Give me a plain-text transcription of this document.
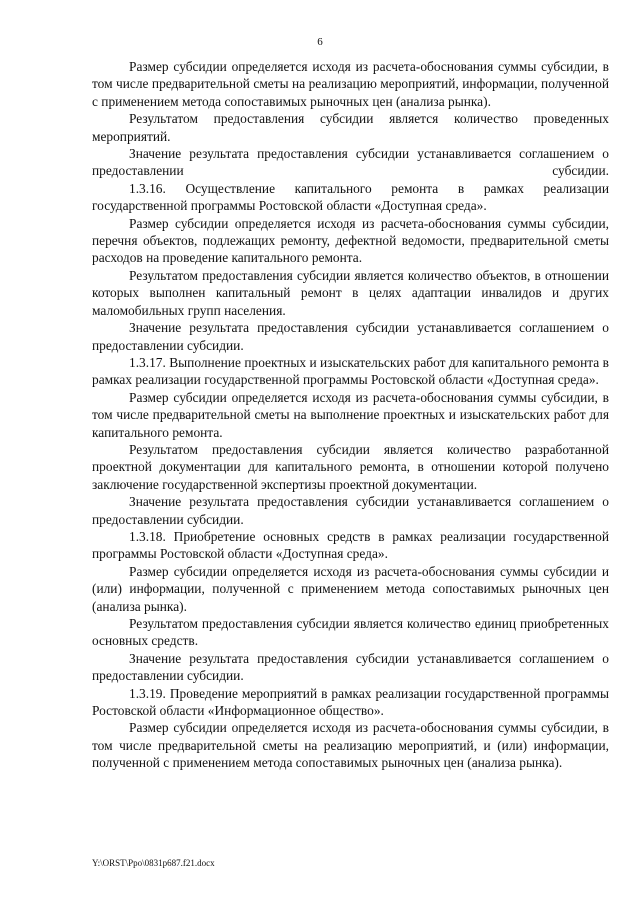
6

Размер субсидии определяется исходя из расчета-обоснования суммы субсидии, в том числе предварительной сметы на реализацию мероприятий, информации, полученной с применением метода сопоставимых рыночных цен (анализа рынка).

Результатом предоставления субсидии является количество проведенных мероприятий.

Значение результата предоставления субсидии устанавливается соглашением о предоставлении субсидии.

1.3.16. Осуществление капитального ремонта в рамках реализации государственной программы Ростовской области «Доступная среда».

Размер субсидии определяется исходя из расчета-обоснования суммы субсидии, перечня объектов, подлежащих ремонту, дефектной ведомости, предварительной сметы расходов на проведение капитального ремонта.

Результатом предоставления субсидии является количество объектов, в отношении которых выполнен капитальный ремонт в целях адаптации инвалидов и других маломобильных групп населения.

Значение результата предоставления субсидии устанавливается соглашением о предоставлении субсидии.

1.3.17. Выполнение проектных и изыскательских работ для капитального ремонта в рамках реализации государственной программы Ростовской области «Доступная среда».

Размер субсидии определяется исходя из расчета-обоснования суммы субсидии, в том числе предварительной сметы на выполнение проектных и изыскательских работ для капитального ремонта.

Результатом предоставления субсидии является количество разработанной проектной документации для капитального ремонта, в отношении которой получено заключение государственной экспертизы проектной документации.

Значение результата предоставления субсидии устанавливается соглашением о предоставлении субсидии.

1.3.18. Приобретение основных средств в рамках реализации государственной программы Ростовской области «Доступная среда».

Размер субсидии определяется исходя из расчета-обоснования суммы субсидии и (или) информации, полученной с применением метода сопоставимых рыночных цен (анализа рынка).

Результатом предоставления субсидии является количество единиц приобретенных основных средств.

Значение результата предоставления субсидии устанавливается соглашением о предоставлении субсидии.

1.3.19. Проведение мероприятий в рамках реализации государственной программы Ростовской области «Информационное общество».

Размер субсидии определяется исходя из расчета-обоснования суммы субсидии, в том числе предварительной сметы на реализацию мероприятий, и (или) информации, полученной с применением метода сопоставимых рыночных цен (анализа рынка).

Y:\ORST\Ppo\0831p687.f21.docx
